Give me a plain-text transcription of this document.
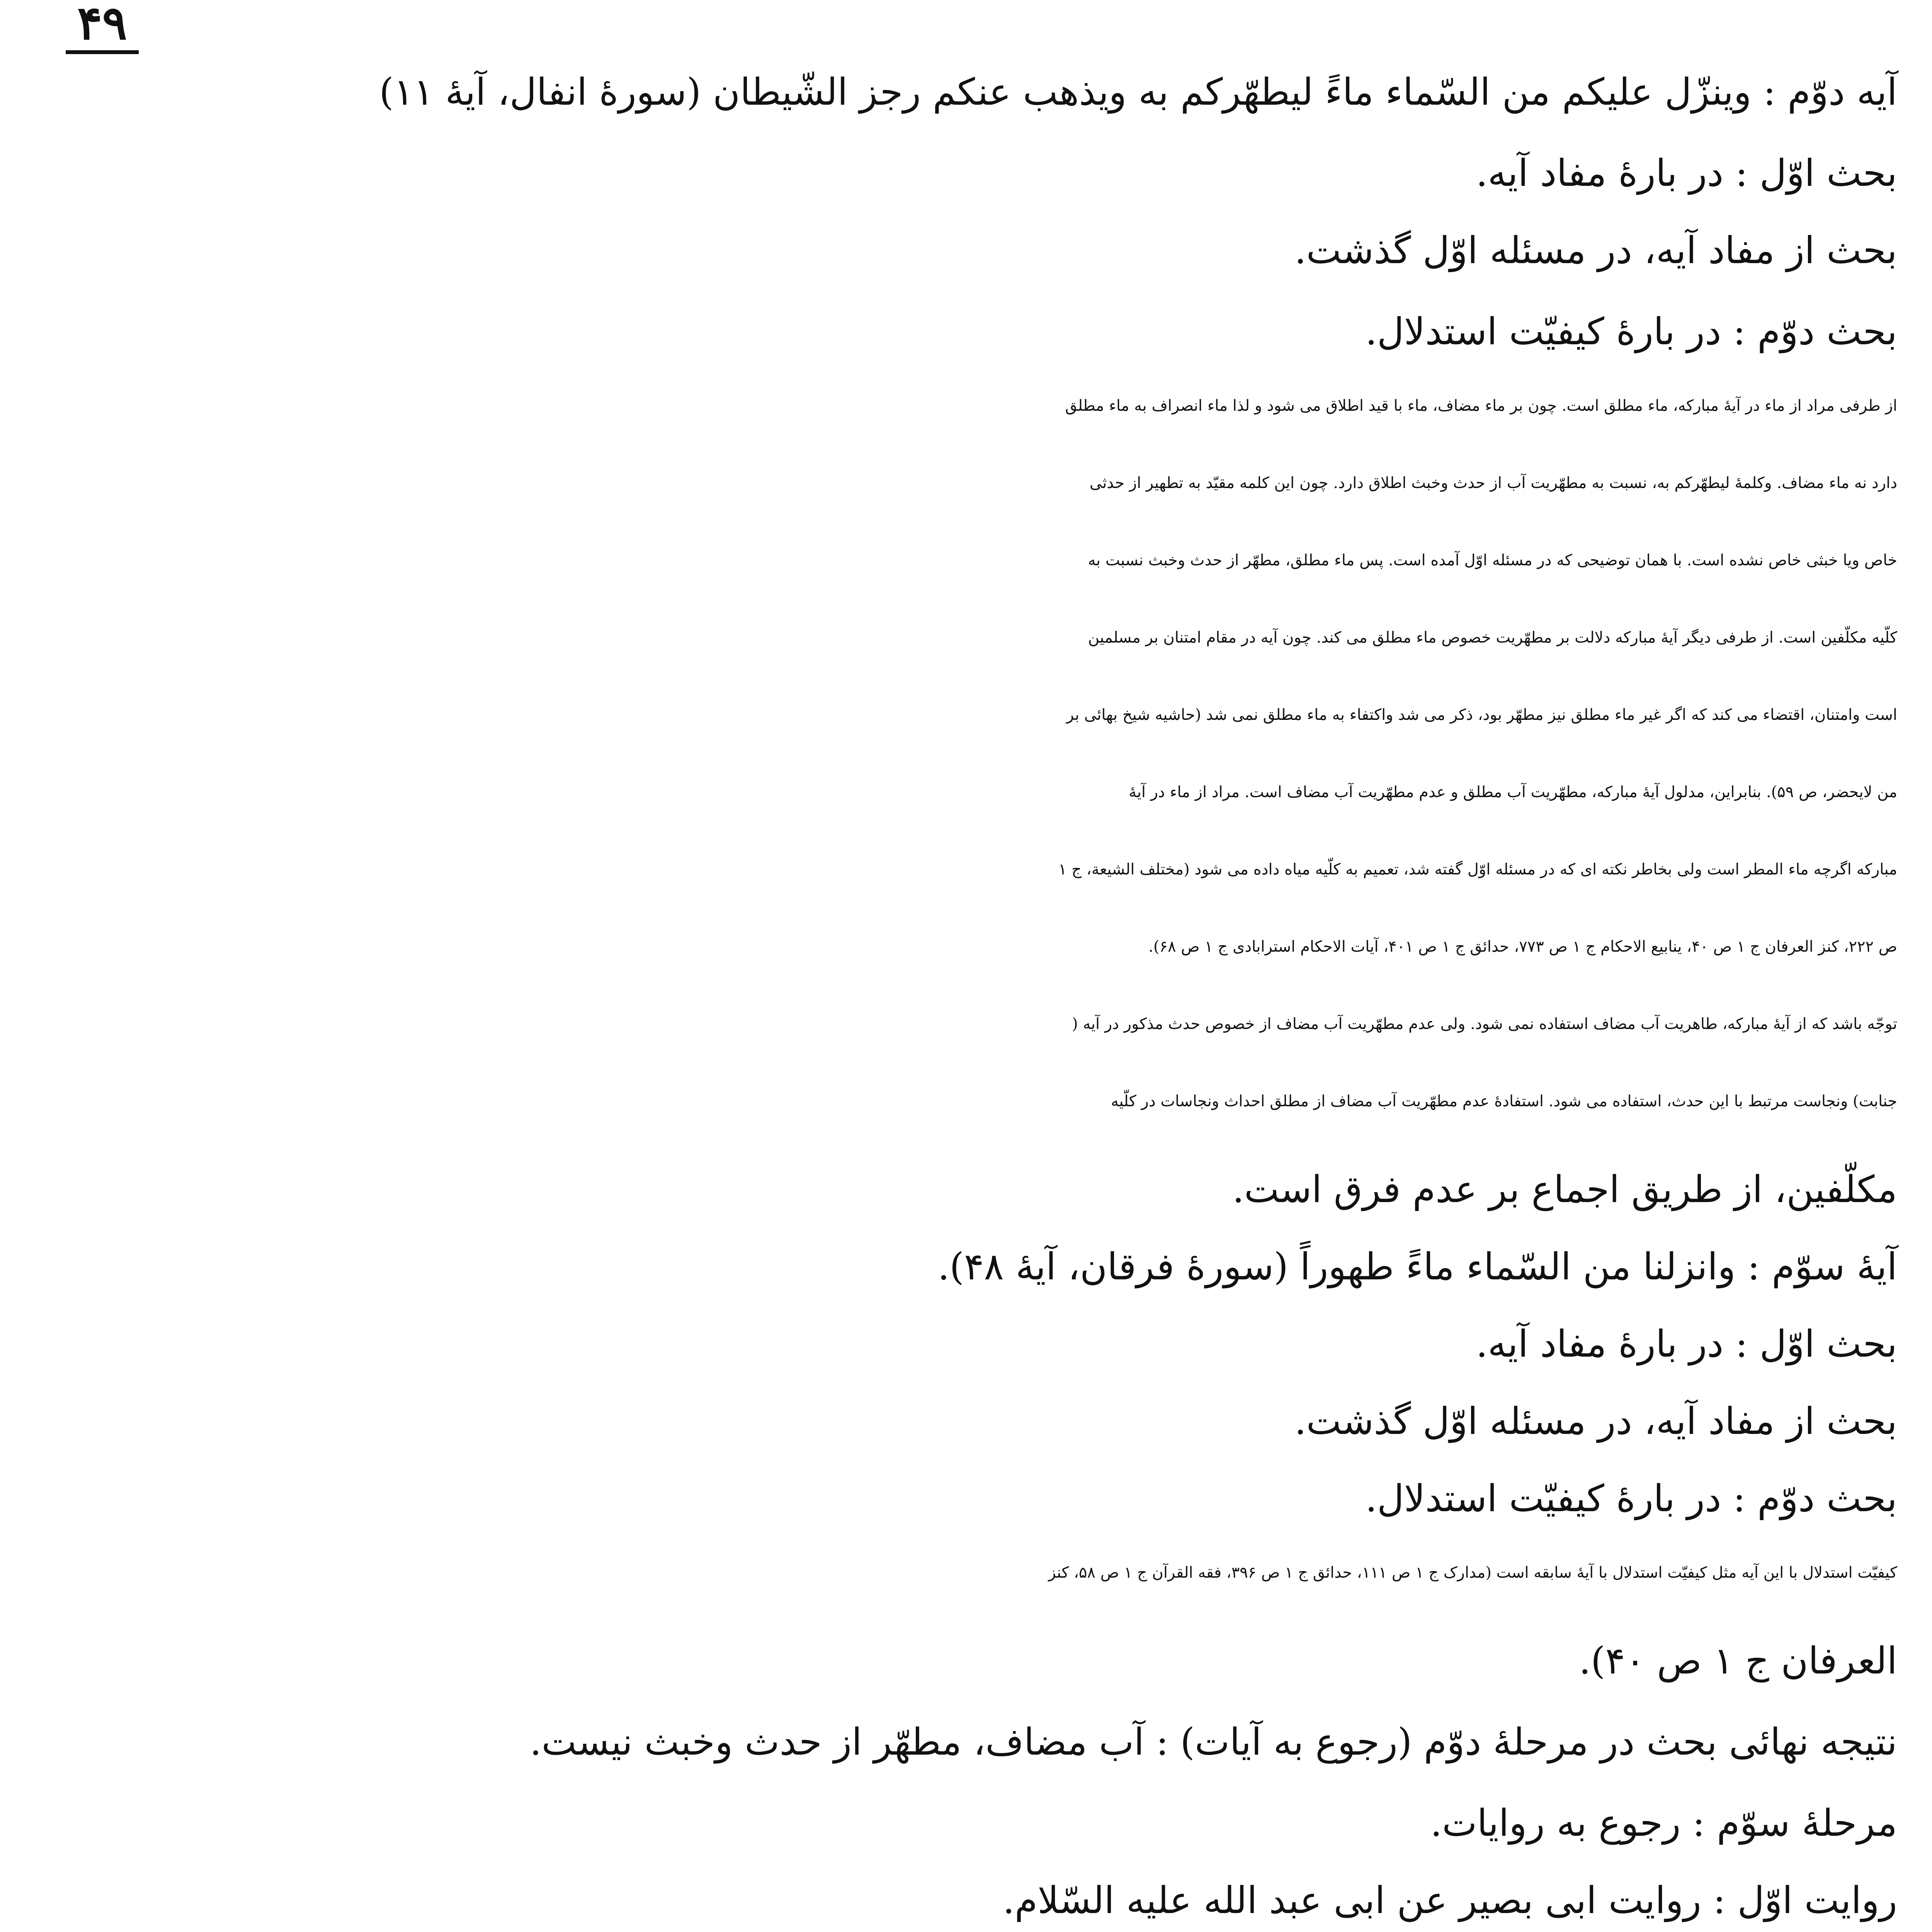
۴۹
آیه دوّم : وینزّل علیکم من السّماء ماءً لیطهّرکم به ویذهب عنکم رجز الشّیطان (سورهٔ انفال، آیهٔ ۱۱)
بحث اوّل : در بارهٔ مفاد آیه.
بحث از مفاد آیه، در مسئله اوّل گذشت.
بحث دوّم : در بارهٔ کیفیّت استدلال.
از طرفی مراد از ماء در آیهٔ مبارکه، ماء مطلق است. چون بر ماء مضاف، ماء با قید اطلاق می شود و لذا ماء انصراف به ماء مطلق
دارد نه ماء مضاف. وکلمهٔ لیطهّرکم به، نسبت به مطهّریت آب از حدث وخبث اطلاق دارد. چون این کلمه مقیّد به تطهیر از حدثی
خاص ویا خبثی خاص نشده است. با همان توضیحی که در مسئله اوّل آمده است. پس ماء مطلق، مطهّر از حدث وخبث نسبت به
کلّیه مکلّفین است. از طرفی دیگر آیهٔ مبارکه دلالت بر مطهّریت خصوص ماء مطلق می کند. چون آیه در مقام امتنان بر مسلمین
است وامتنان، اقتضاء می کند که اگر غیر ماء مطلق نیز مطهّر بود، ذکر می شد واکتفاء به ماء مطلق نمی شد (حاشیه شیخ بهائی بر
من لایحضر، ص ۵۹). بنابراین، مدلول آیهٔ مبارکه، مطهّریت آب مطلق و عدم مطهّریت آب مضاف است. مراد از ماء در آیهٔ
مبارکه اگرچه ماء المطر است ولی بخاطر نکته ای که در مسئله اوّل گفته شد، تعمیم به کلّیه میاه داده می شود (مختلف الشیعة، ج ۱
ص ۲۲۲، کنز العرفان ج ۱ ص ۴۰، ینابیع الاحکام ج ۱ ص ۷۷۳، حدائق ج ۱ ص ۴۰۱، آیات الاحکام استرابادی ج ۱ ص ۶۸).
توجّه باشد که از آیهٔ مبارکه، طاهریت آب مضاف استفاده نمی شود. ولی عدم مطهّریت آب مضاف از خصوص حدث مذکور در آیه (
جنابت) ونجاست مرتبط با این حدث، استفاده می شود. استفادهٔ عدم مطهّریت آب مضاف از مطلق احداث ونجاسات در کلّیه
مکلّفین، از طریق اجماع بر عدم فرق است.
آیهٔ سوّم : وانزلنا من السّماء ماءً طهوراً (سورهٔ فرقان، آیهٔ ۴۸).
بحث اوّل : در بارهٔ مفاد آیه.
بحث از مفاد آیه، در مسئله اوّل گذشت.
بحث دوّم : در بارهٔ کیفیّت استدلال.
کیفیّت استدلال با این آیه مثل کیفیّت استدلال با آیهٔ سابقه است (مدارک ج ۱ ص ۱۱۱، حدائق ج ۱ ص ۳۹۶، فقه القرآن ج ۱ ص ۵۸، کنز
العرفان ج ۱ ص ۴۰).
نتیجه نهائی بحث در مرحلهٔ دوّم (رجوع به آیات) : آب مضاف، مطهّر از حدث وخبث نیست.
مرحلهٔ سوّم : رجوع به روایات.
روایت اوّل : روایت ابی بصیر عن ابی عبد الله علیه السّلام.
